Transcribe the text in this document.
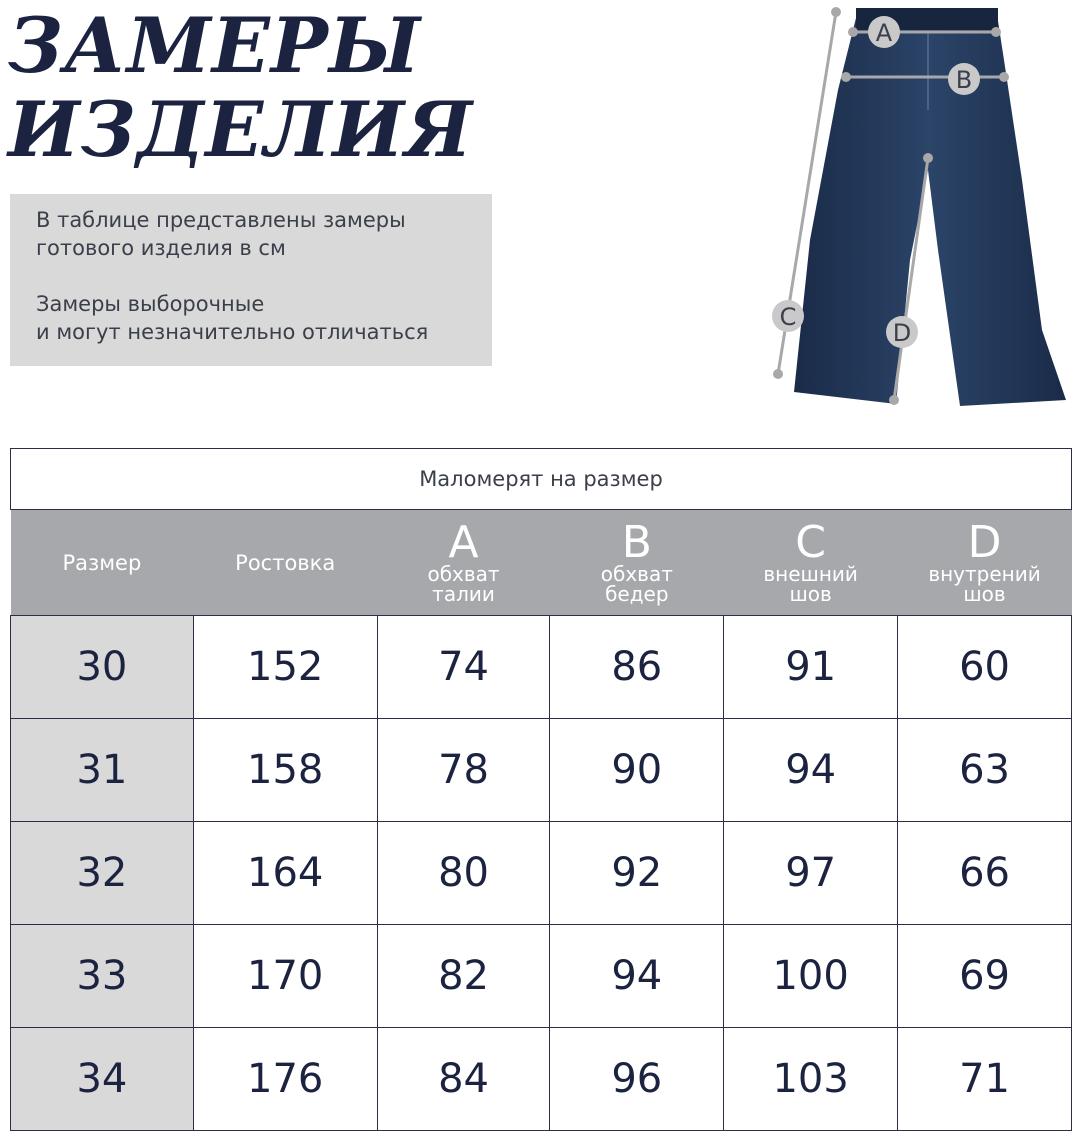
ЗАМЕРЫ
ИЗДЕЛИЯ

В таблице представлены замеры
готового изделия в см

Замеры выборочные
и могут незначительно отличаться

A
B
C
D
Маломерят на размер					
Размер	Ростовка	A
обхват
талии	B
обхват
бедер	C
внешний
шов	D
внутрений
шов

30	152	74	86	91	60
31	158	78	90	94	63
32	164	80	92	97	66
33	170	82	94	100	69
34	176	84	96	103	71
